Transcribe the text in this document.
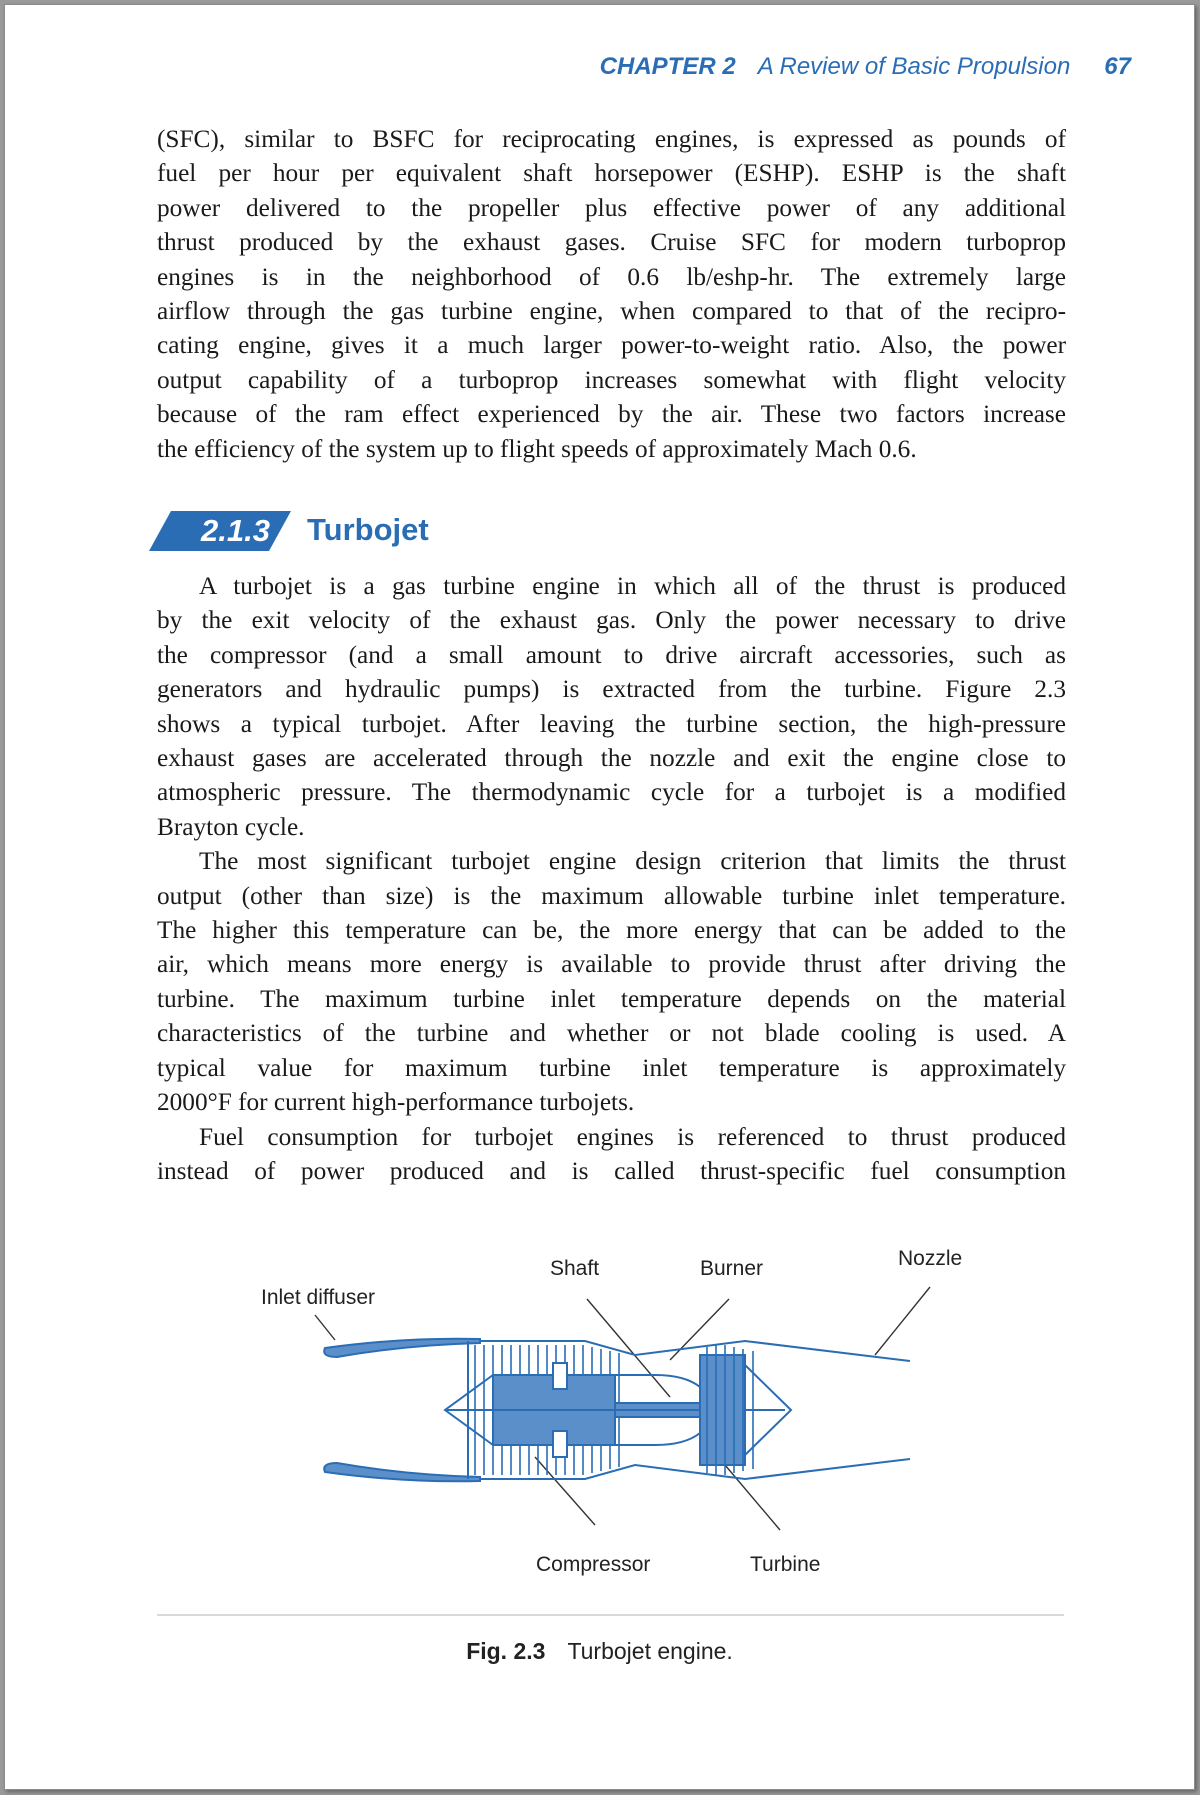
CHAPTER 2 A Review of Basic Propulsion 67

(SFC), similar to BSFC for reciprocating engines, is expressed as pounds of

fuel per hour per equivalent shaft horsepower (ESHP). ESHP is the shaft

power delivered to the propeller plus effective power of any additional

thrust produced by the exhaust gases. Cruise SFC for modern turboprop

engines is in the neighborhood of 0.6 lb/eshp-hr. The extremely large

airflow through the gas turbine engine, when compared to that of the recipro-

cating engine, gives it a much larger power-to-weight ratio. Also, the power

output capability of a turboprop increases somewhat with flight velocity

because of the ram effect experienced by the air. These two factors increase

the efficiency of the system up to flight speeds of approximately Mach 0.6.

2.1.3 Turbojet

A turbojet is a gas turbine engine in which all of the thrust is produced

by the exit velocity of the exhaust gas. Only the power necessary to drive

the compressor (and a small amount to drive aircraft accessories, such as

generators and hydraulic pumps) is extracted from the turbine. Figure 2.3

shows a typical turbojet. After leaving the turbine section, the high-pressure

exhaust gases are accelerated through the nozzle and exit the engine close to

atmospheric pressure. The thermodynamic cycle for a turbojet is a modified

Brayton cycle.

The most significant turbojet engine design criterion that limits the thrust

output (other than size) is the maximum allowable turbine inlet temperature.

The higher this temperature can be, the more energy that can be added to the

air, which means more energy is available to provide thrust after driving the

turbine. The maximum turbine inlet temperature depends on the material

characteristics of the turbine and whether or not blade cooling is used. A

typical value for maximum turbine inlet temperature is approximately

2000°F for current high-performance turbojets.

Fuel consumption for turbojet engines is referenced to thrust produced

instead of power produced and is called thrust-specific fuel consumption

Shaft	Burner	Nozzle
Inlet diffuser
Compressor	Turbine
Fig. 2.3 Turbojet engine.
